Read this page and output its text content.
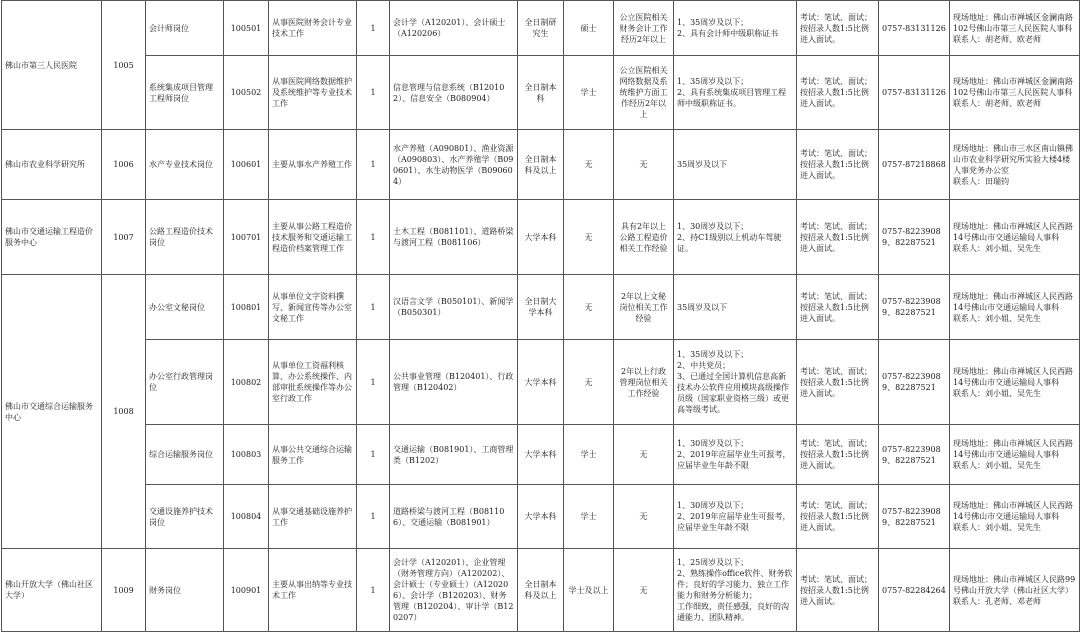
佛山市第三人民医院	1005	会计师岗位	100501	从事医院财务会计专业技术工作	1	会计学（A120201）、会计硕士（A120206）	全日制研究生	硕士	公立医院相关财务会计工作经历2年以上	1、35周岁及以下；
2、具有会计师中级职称证书	考试：笔试、面试；按招录人数1:5比例进入面试。	0757-83131126	现场地址：佛山市禅城区金澜南路102号佛山市第三人民医院人事科
联系人：胡老师、欧老师
		系统集成项目管理工程师岗位	100502	从事医院网络数据维护及系统维护等专业技术工作	1	信息管理与信息系统（B120102）、信息安全（B080904）	全日制本科	学士	公立医院相关网络数据及系统维护方面工作经历2年以上	1、35周岁及以下；
2、具有系统集成项目管理工程师中级职称证书。	考试：笔试、面试；按招录人数1:5比例进入面试。	0757-83131126	现场地址：佛山市禅城区金澜南路102号佛山市第三人民医院人事科
联系人：胡老师、欧老师
佛山市农业科学研究所	1006	水产专业技术岗位	100601	主要从事水产养殖工作	1	水产养殖（A090801）、渔业资源（A090803）、水产养殖学（B090601）、水生动物医学（B090604）	全日制本科及以上	无	无	35周岁及以下	考试：笔试、面试；按招录人数1:5比例进入面试。	0757-87218868	现场地址：佛山市三水区南山镇佛山市农业科学研究所实验大楼4楼人事党务办公室
联系人：田瑞钧
佛山市交通运输工程造价服务中心	1007	公路工程造价技术岗位	100701	主要从事公路工程造价技术服务和交通运输工程造价档案管理工作	1	土木工程（B081101）、道路桥梁与渡河工程（B081106）	大学本科	无	具有2年以上公路工程造价相关工作经验	1、30周岁及以下；
2、持C1级别以上机动车驾驶证。	考试：笔试、面试；按招录人数1:5比例进入面试。	0757-82239089、82287521	现场地址：佛山市禅城区人民西路14号佛山市交通运输局人事科
联系人：刘小姐、吴先生
佛山市交通综合运输服务中心	1008	办公室文秘岗位	100801	从事单位文字资料撰写、新闻宣传等办公室文秘工作	1	汉语言文学（B050101）、新闻学（B050301）	全日制大学本科	无	2年以上文秘岗位相关工作经验	35周岁及以下	考试：笔试、面试；按招录人数1:5比例进入面试。	0757-82239089、82287521	现场地址：佛山市禅城区人民西路14号佛山市交通运输局人事科
联系人：刘小姐、吴先生
		办公室行政管理岗位	100802	从事单位工资福利核算、办公系统操作、内部审批系统操作等办公室行政工作	1	公共事业管理（B120401）、行政管理（B120402）	大学本科	无	2年以上行政管理岗位相关工作经验	1、35周岁及以下；
2、中共党员；
3、已通过全国计算机信息高新技术办公软件应用模块高级操作员级（国家职业资格三级）或更高等级考试。	考试：笔试、面试；按招录人数1:5比例进入面试。	0757-82239089、82287521	现场地址：佛山市禅城区人民西路14号佛山市交通运输局人事科
联系人：刘小姐、吴先生
		综合运输服务岗位	100803	从事公共交通综合运输服务工作	1	交通运输（B081901）、工商管理类（B1202）	大学本科	学士	无	1、30周岁及以下；
2、2019年应届毕业生可报考，应届毕业生年龄不限	考试：笔试、面试；按招录人数1:5比例进入面试。	0757-82239089、82287521	现场地址：佛山市禅城区人民西路14号佛山市交通运输局人事科
联系人：刘小姐、吴先生
		交通设施养护技术岗位	100804	从事交通基础设施养护工作	1	道路桥梁与渡河工程（B081106）、交通运输（B081901）	大学本科	学士	无	1、30周岁及以下；
2、2019年应届毕业生可报考，应届毕业生年龄不限	考试：笔试、面试；按招录人数1:5比例进入面试。	0757-82239089、82287521	现场地址：佛山市禅城区人民西路14号佛山市交通运输局人事科
联系人：刘小姐、吴先生
佛山开放大学（佛山社区大学）	1009	财务岗位	100901	主要从事出纳等专业技术工作	1	会计学（A120201）、企业管理（财务管理方向）（A120202）、会计硕士（专业硕士）（A120206）、会计学（B120203）、财务管理（B120204）、审计学（B120207）	全日制本科及以上	学士及以上	无	1、25周岁及以下；
2、熟练操作office软件、财务软件；良好的学习能力、独立工作能力和财务分析能力；
工作细致，责任感强，良好的沟通能力、团队精神。	考试：笔试、面试；按招录人数1:5比例进入面试。	0757-82284264	现场地址：佛山市禅城区人民路99号佛山开放大学（佛山社区大学）
联系人：孔老师、邓老师
